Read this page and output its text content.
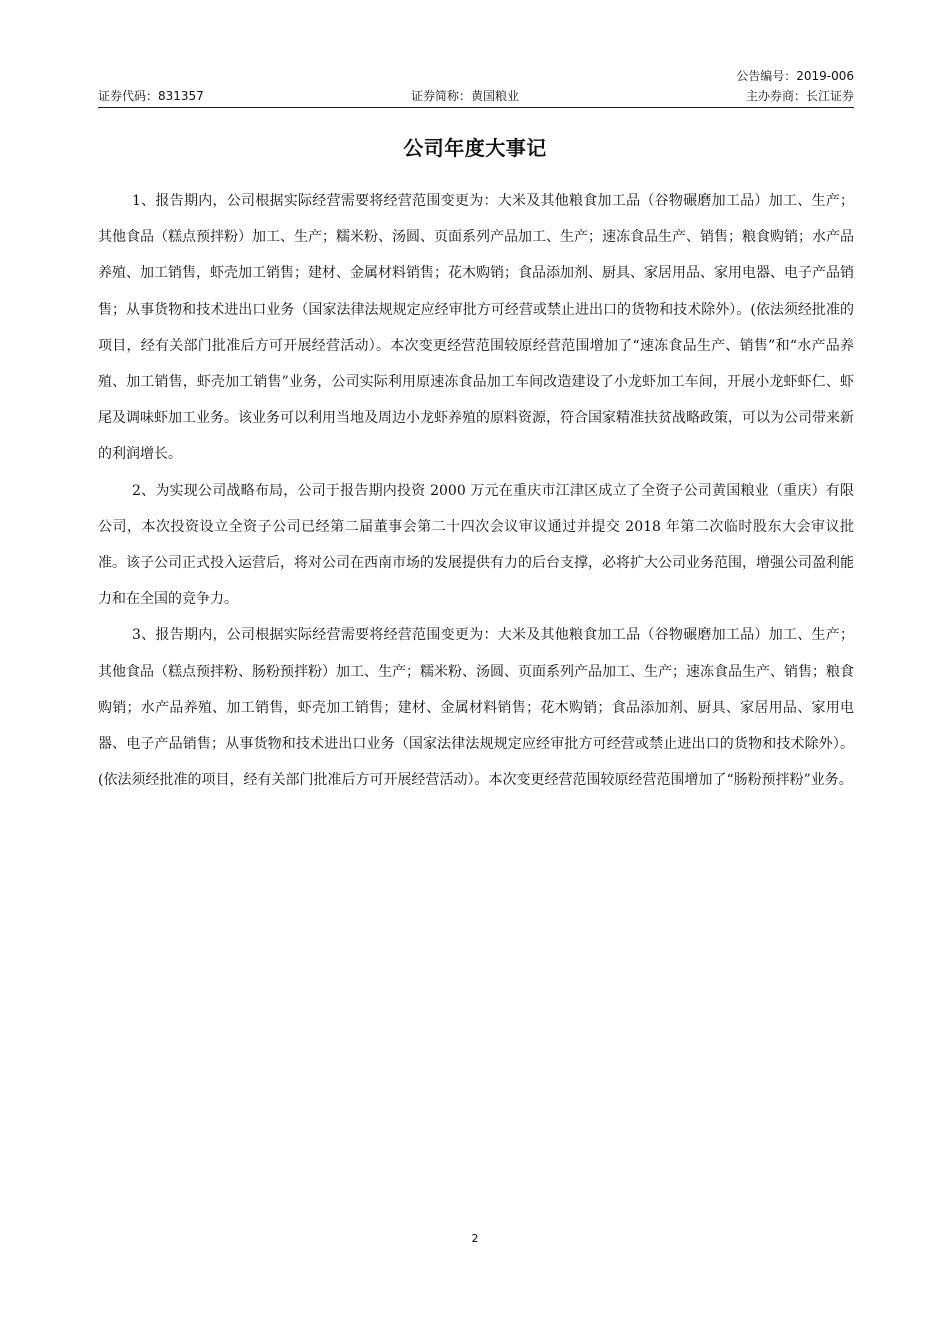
公告编号：2019-006
证券代码：831357	证券简称：黄国粮业	主办券商：长江证券
公司年度大事记

1、报告期内，公司根据实际经营需要将经营范围变更为：大米及其他粮食加工品（谷物碾磨加工品）加工、生产；其他食品（糕点预拌粉）加工、生产；糯米粉、汤圆、页面系列产品加工、生产；速冻食品生产、销售；粮食购销；水产品养殖、加工销售，虾壳加工销售；建材、金属材料销售；花木购销；食品添加剂、厨具、家居用品、家用电器、电子产品销售；从事货物和技术进出口业务（国家法律法规规定应经审批方可经营或禁止进出口的货物和技术除外）。(依法须经批准的项目，经有关部门批准后方可开展经营活动）。本次变更经营范围较原经营范围增加了“速冻食品生产、销售”和“水产品养殖、加工销售，虾壳加工销售”业务，公司实际利用原速冻食品加工车间改造建设了小龙虾加工车间，开展小龙虾虾仁、虾尾及调味虾加工业务。该业务可以利用当地及周边小龙虾养殖的原料资源，符合国家精准扶贫战略政策，可以为公司带来新的利润增长。

2、为实现公司战略布局，公司于报告期内投资 2000 万元在重庆市江津区成立了全资子公司黄国粮业（重庆）有限公司，本次投资设立全资子公司已经第二届董事会第二十四次会议审议通过并提交 2018 年第二次临时股东大会审议批准。该子公司正式投入运营后，将对公司在西南市场的发展提供有力的后台支撑，必将扩大公司业务范围，增强公司盈利能力和在全国的竞争力。

3、报告期内，公司根据实际经营需要将经营范围变更为：大米及其他粮食加工品（谷物碾磨加工品）加工、生产；其他食品（糕点预拌粉、肠粉预拌粉）加工、生产；糯米粉、汤圆、页面系列产品加工、生产；速冻食品生产、销售；粮食购销；水产品养殖、加工销售，虾壳加工销售；建材、金属材料销售；花木购销；食品添加剂、厨具、家居用品、家用电器、电子产品销售；从事货物和技术进出口业务（国家法律法规规定应经审批方可经营或禁止进出口的货物和技术除外）。(依法须经批准的项目，经有关部门批准后方可开展经营活动）。本次变更经营范围较原经营范围增加了“肠粉预拌粉”业务。

2
